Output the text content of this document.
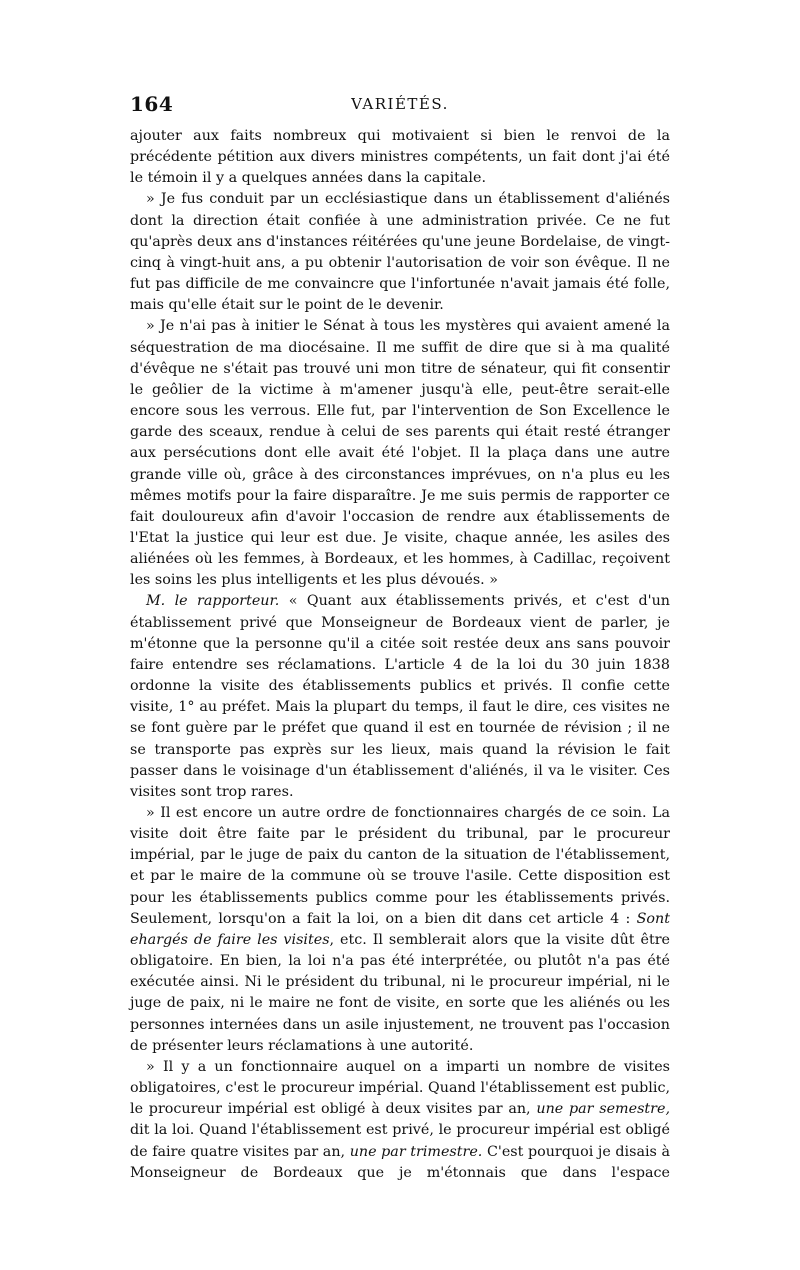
164	VARIÉTÉS.

ajouter aux faits nombreux qui motivaient si bien le renvoi de la précédente pétition aux divers ministres compétents, un fait dont j'ai été le témoin il y a quelques années dans la capitale.

» Je fus conduit par un ecclésiastique dans un établissement d'aliénés dont la direction était confiée à une administration privée. Ce ne fut qu'après deux ans d'instances réitérées qu'une jeune Bordelaise, de vingt-cinq à vingt-huit ans, a pu obtenir l'autorisation de voir son évêque. Il ne fut pas difficile de me convaincre que l'infortunée n'avait jamais été folle, mais qu'elle était sur le point de le devenir.

» Je n'ai pas à initier le Sénat à tous les mystères qui avaient amené la séquestration de ma diocésaine. Il me suffit de dire que si à ma qualité d'évêque ne s'était pas trouvé uni mon titre de sénateur, qui fit consentir le geôlier de la victime à m'amener jusqu'à elle, peut-être serait-elle encore sous les verrous. Elle fut, par l'intervention de Son Excellence le garde des sceaux, rendue à celui de ses parents qui était resté étranger aux persécutions dont elle avait été l'objet. Il la plaça dans une autre grande ville où, grâce à des circonstances imprévues, on n'a plus eu les mêmes motifs pour la faire disparaître. Je me suis permis de rapporter ce fait douloureux afin d'avoir l'occasion de rendre aux établissements de l'Etat la justice qui leur est due. Je visite, chaque année, les asiles des aliénées où les femmes, à Bordeaux, et les hommes, à Cadillac, reçoivent les soins les plus intelligents et les plus dévoués. »

M. le rapporteur. « Quant aux établissements privés, et c'est d'un établissement privé que Monseigneur de Bordeaux vient de parler, je m'étonne que la personne qu'il a citée soit restée deux ans sans pouvoir faire entendre ses réclamations. L'article 4 de la loi du 30 juin 1838 ordonne la visite des établissements publics et privés. Il confie cette visite, 1° au préfet. Mais la plupart du temps, il faut le dire, ces visites ne se font guère par le préfet que quand il est en tournée de révision ; il ne se transporte pas exprès sur les lieux, mais quand la révision le fait passer dans le voisinage d'un établissement d'aliénés, il va le visiter. Ces visites sont trop rares.

» Il est encore un autre ordre de fonctionnaires chargés de ce soin. La visite doit être faite par le président du tribunal, par le procureur impérial, par le juge de paix du canton de la situation de l'établissement, et par le maire de la commune où se trouve l'asile. Cette disposition est pour les établissements publics comme pour les établissements privés. Seulement, lorsqu'on a fait la loi, on a bien dit dans cet article 4 : Sont ehargés de faire les visites, etc. Il semblerait alors que la visite dût être obligatoire. En bien, la loi n'a pas été interprétée, ou plutôt n'a pas été exécutée ainsi. Ni le président du tribunal, ni le procureur impérial, ni le juge de paix, ni le maire ne font de visite, en sorte que les aliénés ou les personnes internées dans un asile injustement, ne trouvent pas l'occasion de présenter leurs réclamations à une autorité.

» Il y a un fonctionnaire auquel on a imparti un nombre de visites obligatoires, c'est le procureur impérial. Quand l'établissement est public, le procureur impérial est obligé à deux visites par an, une par semestre, dit la loi. Quand l'établissement est privé, le procureur impérial est obligé de faire quatre visites par an, une par trimestre. C'est pourquoi je disais à Monseigneur de Bordeaux que je m'étonnais que dans l'espace
